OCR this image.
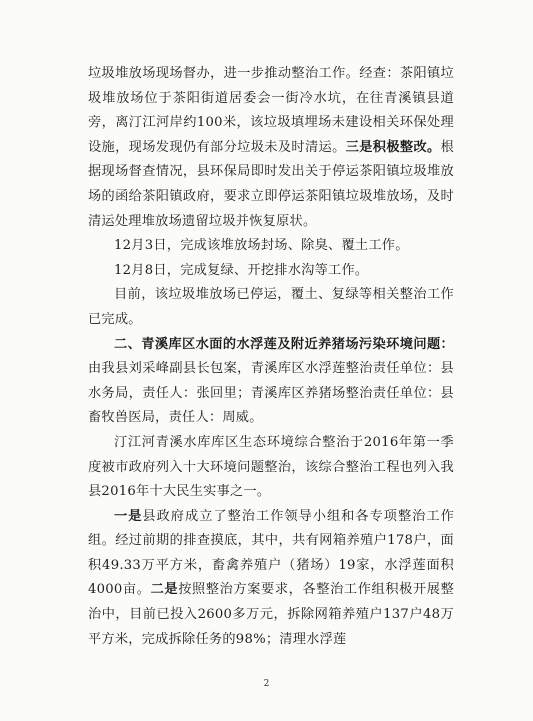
垃圾堆放场现场督办，进一步推动整治工作。经查：茶阳镇垃圾堆放场位于茶阳街道居委会一街冷水坑，在往青溪镇县道旁，离汀江河岸约100米，该垃圾填埋场未建设相关环保处理设施，现场发现仍有部分垃圾未及时清运。三是积极整改。根据现场督查情况，县环保局即时发出关于停运茶阳镇垃圾堆放场的函给茶阳镇政府，要求立即停运茶阳镇垃圾堆放场，及时清运处理堆放场遗留垃圾并恢复原状。

12月3日，完成该堆放场封场、除臭、覆土工作。

12月8日，完成复绿、开挖排水沟等工作。

目前，该垃圾堆放场已停运，覆土、复绿等相关整治工作已完成。

二、青溪库区水面的水浮莲及附近养猪场污染环境问题：由我县刘采峰副县长包案，青溪库区水浮莲整治责任单位：县水务局，责任人：张回里；青溪库区养猪场整治责任单位：县畜牧兽医局，责任人：周威。

汀江河青溪水库库区生态环境综合整治于2016年第一季度被市政府列入十大环境问题整治，该综合整治工程也列入我县2016年十大民生实事之一。

一是县政府成立了整治工作领导小组和各专项整治工作组。经过前期的排查摸底，其中，共有网箱养殖户178户，面积49.33万平方米，畜禽养殖户（猪场）19家，水浮莲面积4000亩。二是按照整治方案要求，各整治工作组积极开展整治中，目前已投入2600多万元，拆除网箱养殖户137户48万平方米，完成拆除任务的98%；清理水浮莲

2
